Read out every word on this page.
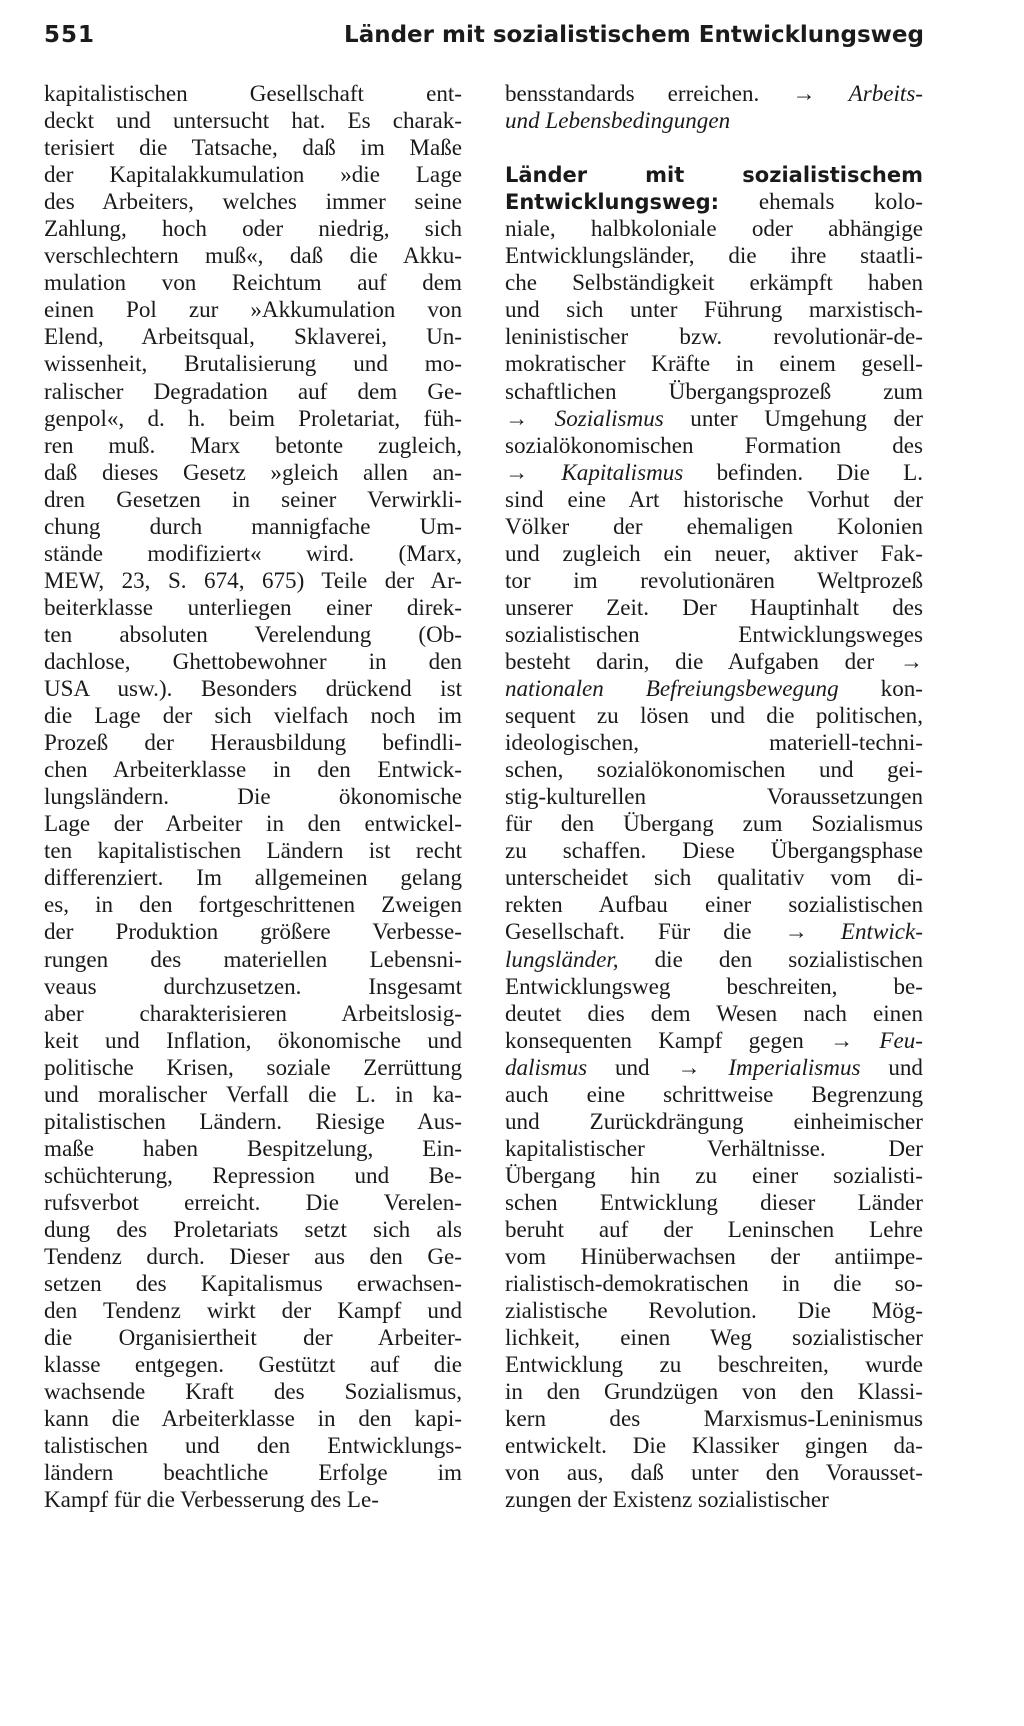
551	Länder mit sozialistischem Entwicklungsweg
kapitalistischen Gesellschaft ent-
deckt und untersucht hat. Es charak-
terisiert die Tatsache, daß im Maße
der Kapitalakkumulation »die Lage
des Arbeiters, welches immer seine
Zahlung, hoch oder niedrig, sich
verschlechtern muß«, daß die Akku-
mulation von Reichtum auf dem
einen Pol zur »Akkumulation von
Elend, Arbeitsqual, Sklaverei, Un-
wissenheit, Brutalisierung und mo-
ralischer Degradation auf dem Ge-
genpol«, d. h. beim Proletariat, füh-
ren muß. Marx betonte zugleich,
daß dieses Gesetz »gleich allen an-
dren Gesetzen in seiner Verwirkli-
chung durch mannigfache Um-
stände modifiziert« wird. (Marx,
MEW, 23, S. 674, 675) Teile der Ar-
beiterklasse unterliegen einer direk-
ten absoluten Verelendung (Ob-
dachlose, Ghettobewohner in den
USA usw.). Besonders drückend ist
die Lage der sich vielfach noch im
Prozeß der Herausbildung befindli-
chen Arbeiterklasse in den Entwick-
lungsländern. Die ökonomische
Lage der Arbeiter in den entwickel-
ten kapitalistischen Ländern ist recht
differenziert. Im allgemeinen gelang
es, in den fortgeschrittenen Zweigen
der Produktion größere Verbesse-
rungen des materiellen Lebensni-
veaus durchzusetzen. Insgesamt
aber charakterisieren Arbeitslosig-
keit und Inflation, ökonomische und
politische Krisen, soziale Zerrüttung
und moralischer Verfall die L. in ka-
pitalistischen Ländern. Riesige Aus-
maße haben Bespitzelung, Ein-
schüchterung, Repression und Be-
rufsverbot erreicht. Die Verelen-
dung des Proletariats setzt sich als
Tendenz durch. Dieser aus den Ge-
setzen des Kapitalismus erwachsen-
den Tendenz wirkt der Kampf und
die Organisiertheit der Arbeiter-
klasse entgegen. Gestützt auf die
wachsende Kraft des Sozialismus,
kann die Arbeiterklasse in den kapi-
talistischen und den Entwicklungs-
ländern beachtliche Erfolge im
Kampf für die Verbesserung des Le-
bensstandards erreichen. → Arbeits-
und Lebensbedingungen
Länder mit sozialistischem
Entwicklungsweg: ehemals kolo-
niale, halbkoloniale oder abhängige
Entwicklungsländer, die ihre staatli-
che Selbständigkeit erkämpft haben
und sich unter Führung marxistisch-
leninistischer bzw. revolutionär-de-
mokratischer Kräfte in einem gesell-
schaftlichen Übergangsprozeß zum
→ Sozialismus unter Umgehung der
sozialökonomischen Formation des
→ Kapitalismus befinden. Die L.
sind eine Art historische Vorhut der
Völker der ehemaligen Kolonien
und zugleich ein neuer, aktiver Fak-
tor im revolutionären Weltprozeß
unserer Zeit. Der Hauptinhalt des
sozialistischen Entwicklungsweges
besteht darin, die Aufgaben der →
nationalen Befreiungsbewegung kon-
sequent zu lösen und die politischen,
ideologischen, materiell-techni-
schen, sozialökonomischen und gei-
stig-kulturellen Voraussetzungen
für den Übergang zum Sozialismus
zu schaffen. Diese Übergangsphase
unterscheidet sich qualitativ vom di-
rekten Aufbau einer sozialistischen
Gesellschaft. Für die → Entwick-
lungsländer, die den sozialistischen
Entwicklungsweg beschreiten, be-
deutet dies dem Wesen nach einen
konsequenten Kampf gegen → Feu-
dalismus und → Imperialismus und
auch eine schrittweise Begrenzung
und Zurückdrängung einheimischer
kapitalistischer Verhältnisse. Der
Übergang hin zu einer sozialisti-
schen Entwicklung dieser Länder
beruht auf der Leninschen Lehre
vom Hinüberwachsen der antiimpe-
rialistisch-demokratischen in die so-
zialistische Revolution. Die Mög-
lichkeit, einen Weg sozialistischer
Entwicklung zu beschreiten, wurde
in den Grundzügen von den Klassi-
kern des Marxismus-Leninismus
entwickelt. Die Klassiker gingen da-
von aus, daß unter den Vorausset-
zungen der Existenz sozialistischer
